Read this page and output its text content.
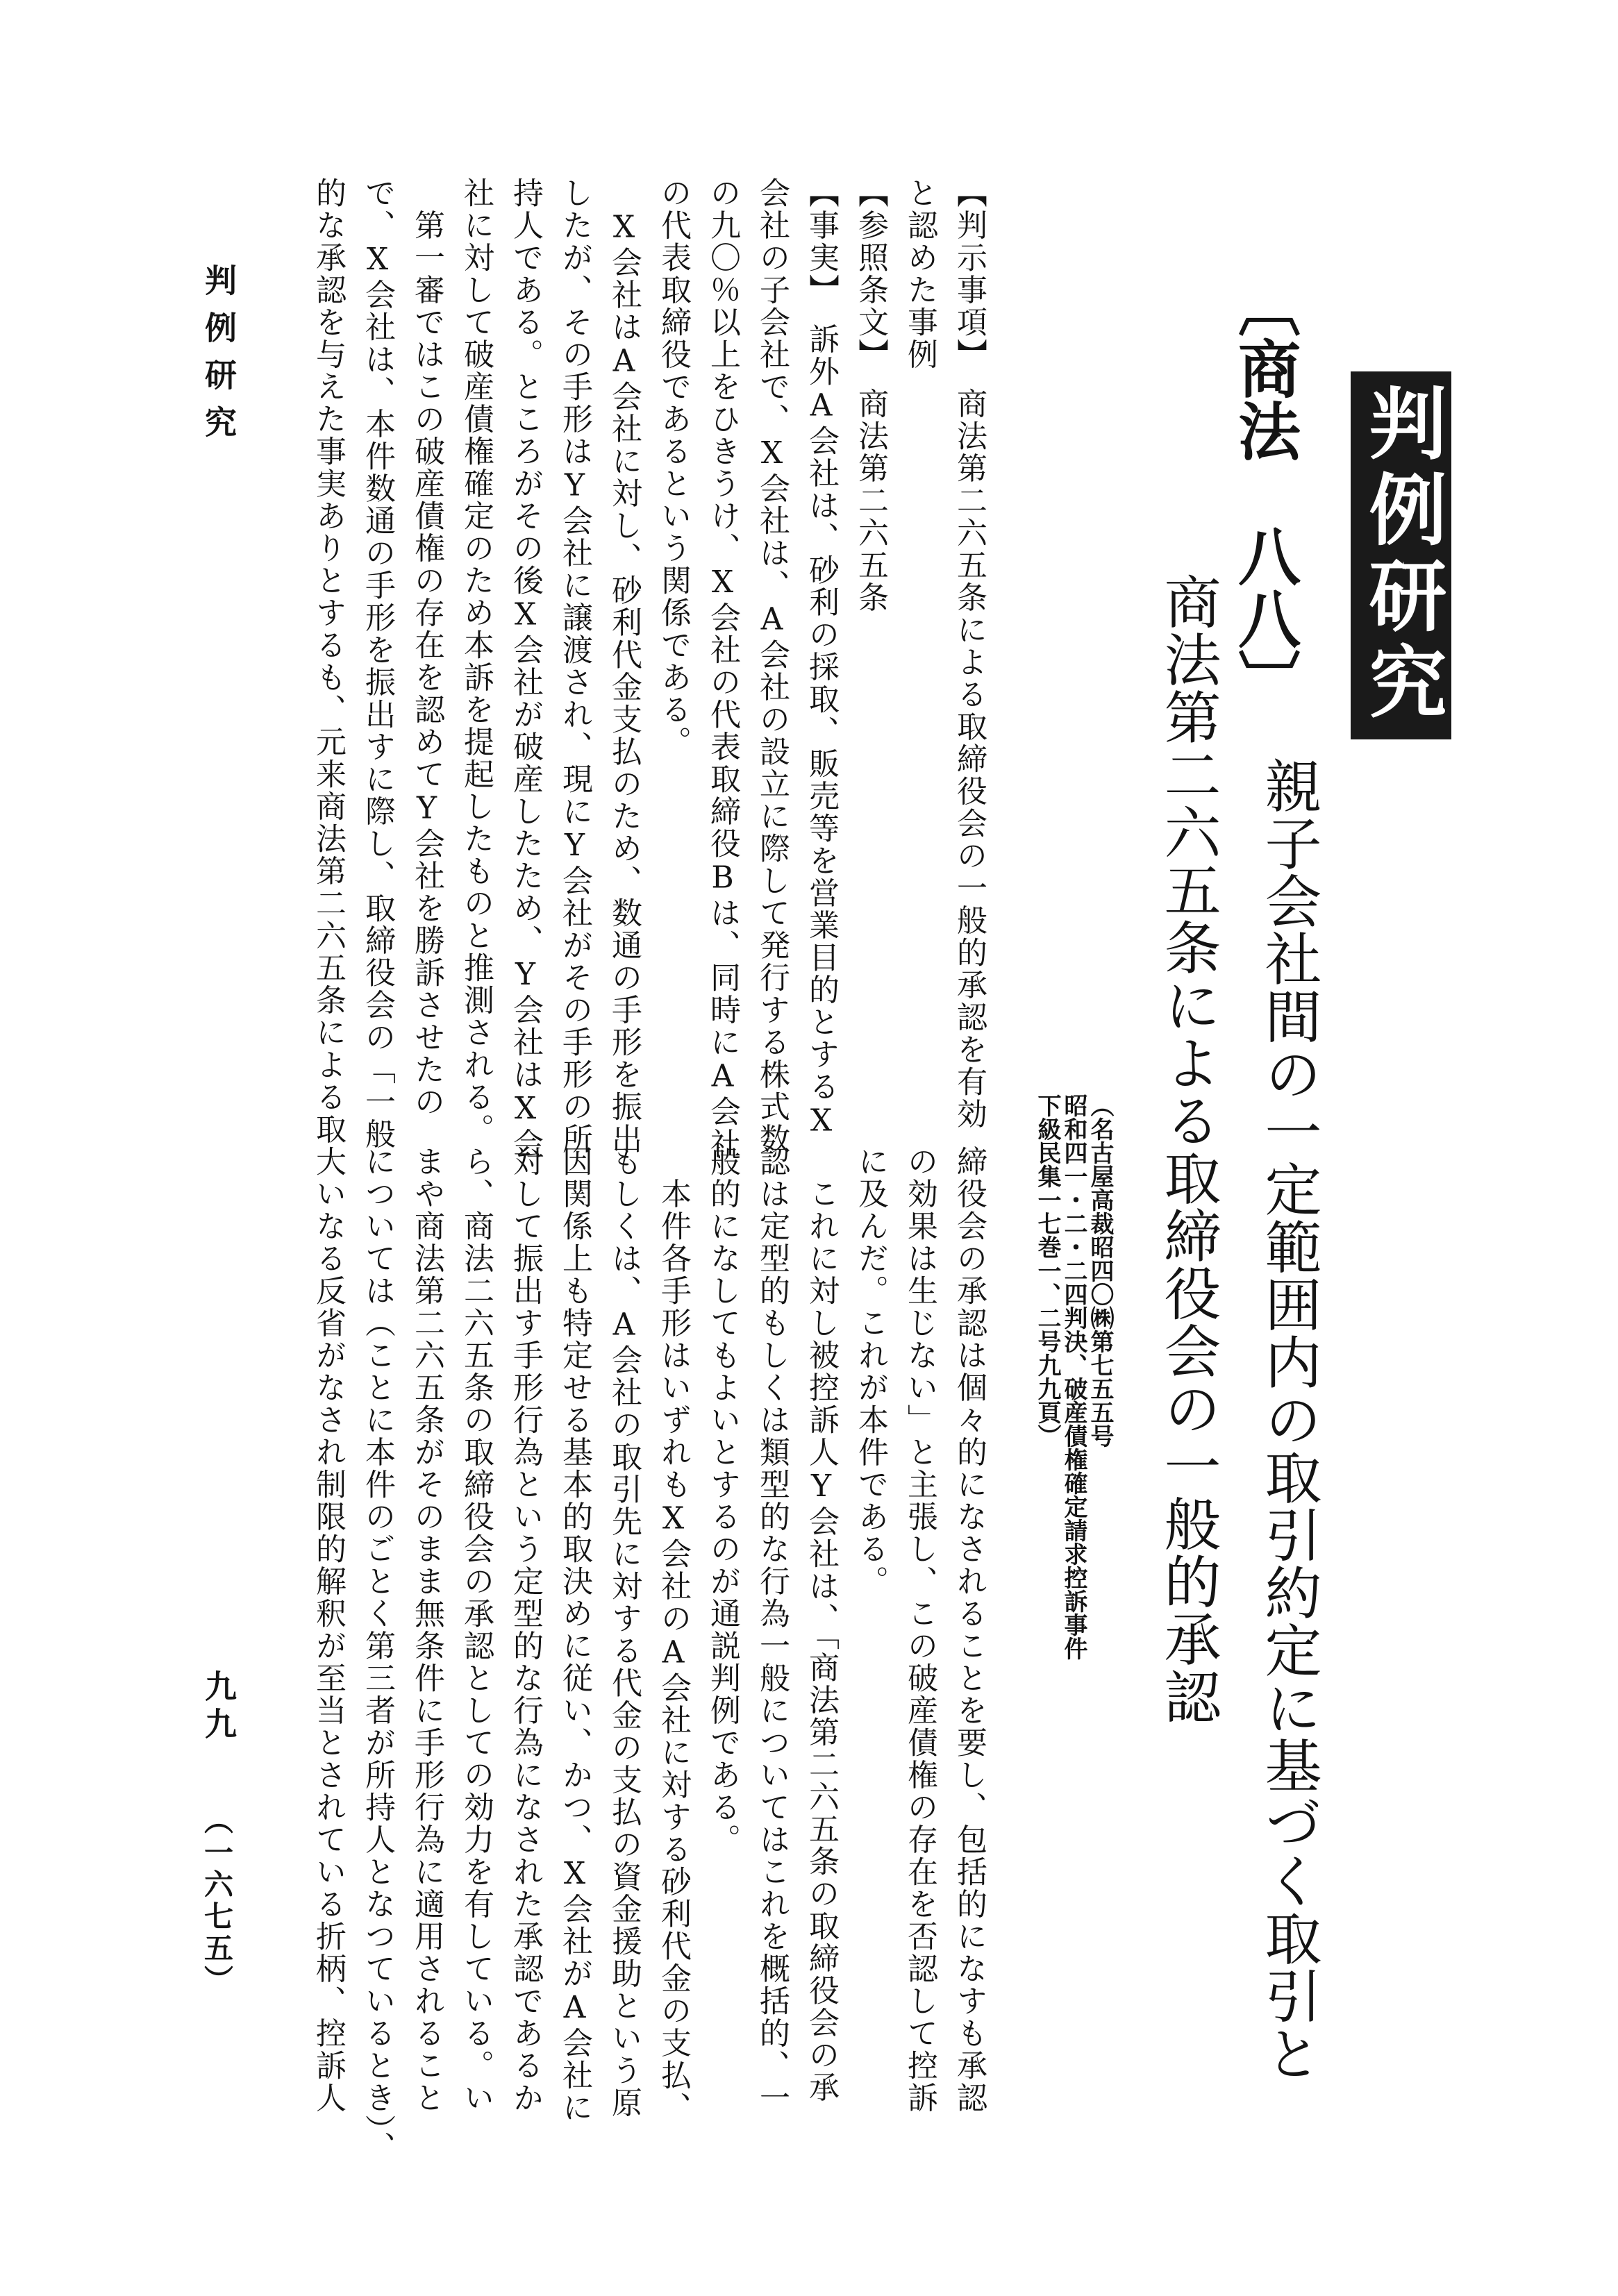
判例研究
〔商法　八八〕
親子会社間の一定範囲内の取引約定に基づく取引と
商法第二六五条による取締役会の一般的承認
（名古屋高裁昭四〇㈱第七五五号
昭和四一・二・二四判決、破産債権確定請求控訴事件
下級民集一七巻一、二号九九頁）
【判示事項】　商法第二六五条による取締役会の一般的承認を有効
と認めた事例
【参照条文】　商法第二六五条
【事実】　訴外A会社は、砂利の採取、販売等を営業目的とするX
会社の子会社で、X会社は、A会社の設立に際して発行する株式数
の九〇％以上をひきうけ、X会社の代表取締役Bは、同時にA会社
の代表取締役であるという関係である。
　X会社はA会社に対し、砂利代金支払のため、数通の手形を振出
したが、その手形はY会社に譲渡され、現にY会社がその手形の所
持人である。ところがその後X会社が破産したため、Y会社はX会
社に対して破産債権確定のため本訴を提起したものと推測される。
　第一審ではこの破産債権の存在を認めてY会社を勝訴させたの
で、X会社は、本件数通の手形を振出すに際し、取締役会の「一般
的な承認を与えた事実ありとするも、元来商法第二六五条による取
締役会の承認は個々的になされることを要し、包括的になすも承認
の効果は生じない」と主張し、この破産債権の存在を否認して控訴
に及んだ。これが本件である。
　これに対し被控訴人Y会社は、「商法第二六五条の取締役会の承
認は定型的もしくは類型的な行為一般についてはこれを概括的、一
般的になしてもよいとするのが通説判例である。
　本件各手形はいずれもX会社のA会社に対する砂利代金の支払、
もしくは、A会社の取引先に対する代金の支払の資金援助という原
因関係上も特定せる基本的取決めに従い、かつ、X会社がA会社に
対して振出す手形行為という定型的な行為になされた承認であるか
ら、商法二六五条の取締役会の承認としての効力を有している。い
まや商法第二六五条がそのまま無条件に手形行為に適用されること
については（ことに本件のごとく第三者が所持人となつているとき）、
大いなる反省がなされ制限的解釈が至当とされている折柄、控訴人
判例研究
九九
（一六七五）
